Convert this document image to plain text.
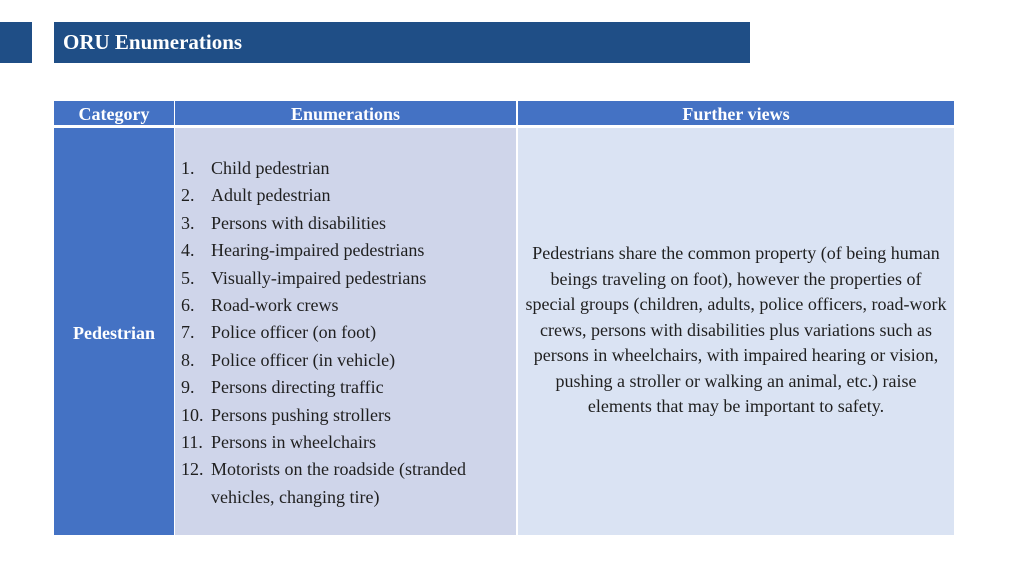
ORU Enumerations
Category	Enumerations	Further views
Pedestrian
1. Child pedestrian
2. Adult pedestrian
3. Persons with disabilities
4. Hearing-impaired pedestrians
5. Visually-impaired pedestrians
6. Road-work crews
7. Police officer (on foot)
8. Police officer (in vehicle)
9. Persons directing traffic
10. Persons pushing strollers
11. Persons in wheelchairs
12. Motorists on the roadside (stranded vehicles, changing tire)

Pedestrians share the common property (of being human beings traveling on foot), however the properties of special groups (children, adults, police officers, road-work crews, persons with disabilities plus variations such as persons in wheelchairs, with impaired hearing or vision, pushing a stroller or walking an animal, etc.) raise elements that may be important to safety.
